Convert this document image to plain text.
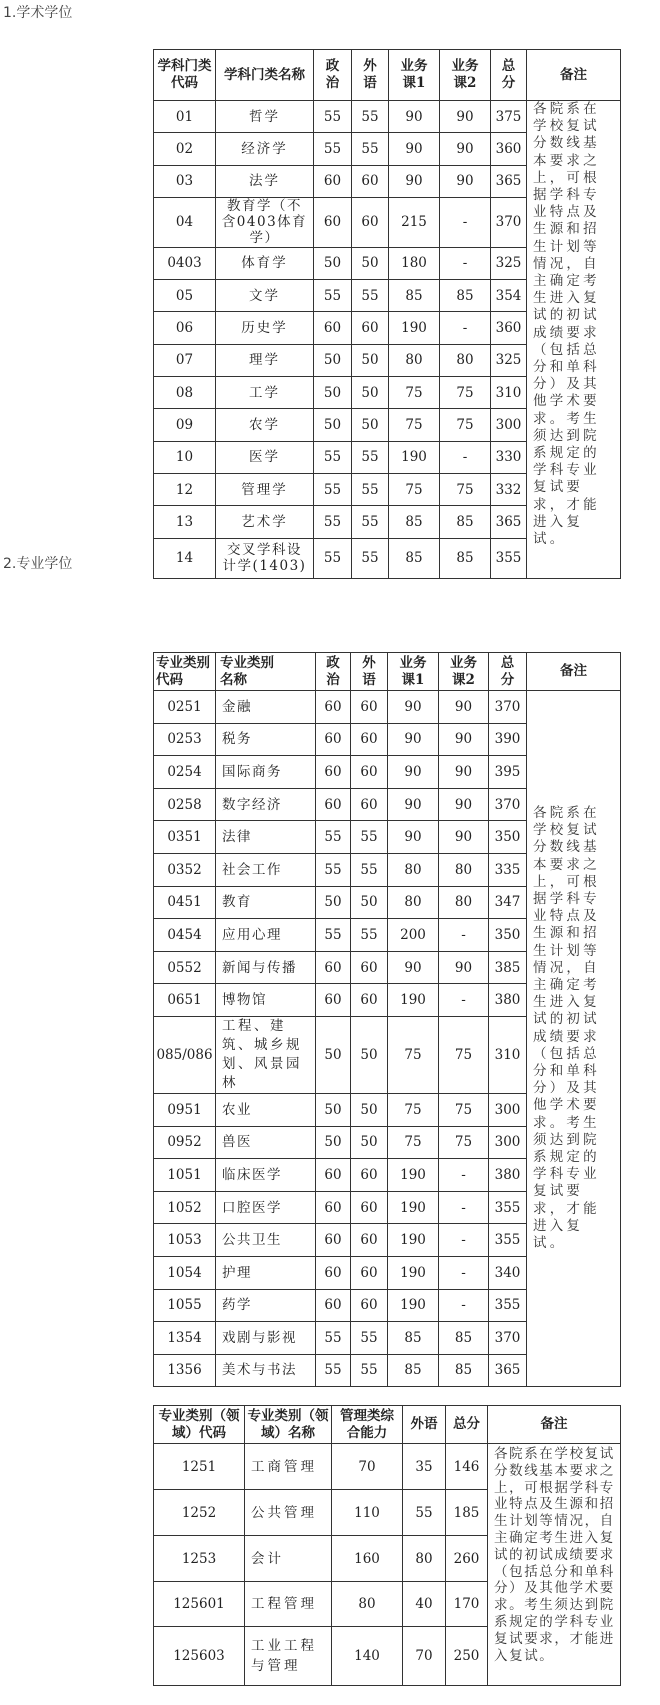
1.学术学位
学科门类代码	学科门类名称	政治	外语	业务课1	业务课2	总分	备注
01	哲学	55	55	90	90	375	各院系在学校复试分数线基本要求之上，可根据学科专业特点及生源和招生计划等情况，自主确定考生进入复试的初试成绩要求（包括总分和单科分）及其他学术要求。考生须达到院系规定的学科专业复试要求，才能进入复试。
02	经济学	55	55	90	90	360	
03	法学	60	60	90	90	365	
04	教育学（不含0403体育学）	60	60	215	-	370	
0403	体育学	50	50	180	-	325	
05	文学	55	55	85	85	354	
06	历史学	60	60	190	-	360	
07	理学	50	50	80	80	325	
08	工学	50	50	75	75	310	
09	农学	50	50	75	75	300	
10	医学	55	55	190	-	330	
12	管理学	55	55	75	75	332	
13	艺术学	55	55	85	85	365	
14	交叉学科设计学(1403)	55	55	85	85	355	
2.专业学位
专业类别代码	专业类别名称	政治	外语	业务课1	业务课2	总分	备注
0251	金融	60	60	90	90	370	各院系在学校复试分数线基本要求之上，可根据学科专业特点及生源和招生计划等情况，自主确定考生进入复试的初试成绩要求（包括总分和单科分）及其他学术要求。考生须达到院系规定的学科专业复试要求，才能进入复试。
0253	税务	60	60	90	90	390	
0254	国际商务	60	60	90	90	395	
0258	数字经济	60	60	90	90	370	
0351	法律	55	55	90	90	350	
0352	社会工作	55	55	80	80	335	
0451	教育	50	50	80	80	347	
0454	应用心理	55	55	200	-	350	
0552	新闻与传播	60	60	90	90	385	
0651	博物馆	60	60	190	-	380	
085/086	工程、建筑、城乡规划、风景园林	50	50	75	75	310	
0951	农业	50	50	75	75	300	
0952	兽医	50	50	75	75	300	
1051	临床医学	60	60	190	-	380	
1052	口腔医学	60	60	190	-	355	
1053	公共卫生	60	60	190	-	355	
1054	护理	60	60	190	-	340	
1055	药学	60	60	190	-	355	
1354	戏剧与影视	55	55	85	85	370	
1356	美术与书法	55	55	85	85	365	
专业类别（领域）代码	专业类别（领域）名称	管理类综合能力	外语	总分	备注
1251	工商管理	70	35	146	各院系在学校复试分数线基本要求之上，可根据学科专业特点及生源和招生计划等情况，自主确定考生进入复试的初试成绩要求（包括总分和单科分）及其他学术要求。考生须达到院系规定的学科专业复试要求，才能进入复试。
1252	公共管理	110	55	185	
1253	会计	160	80	260	
125601	工程管理	80	40	170	
125603	工业工程与管理	140	70	250	
